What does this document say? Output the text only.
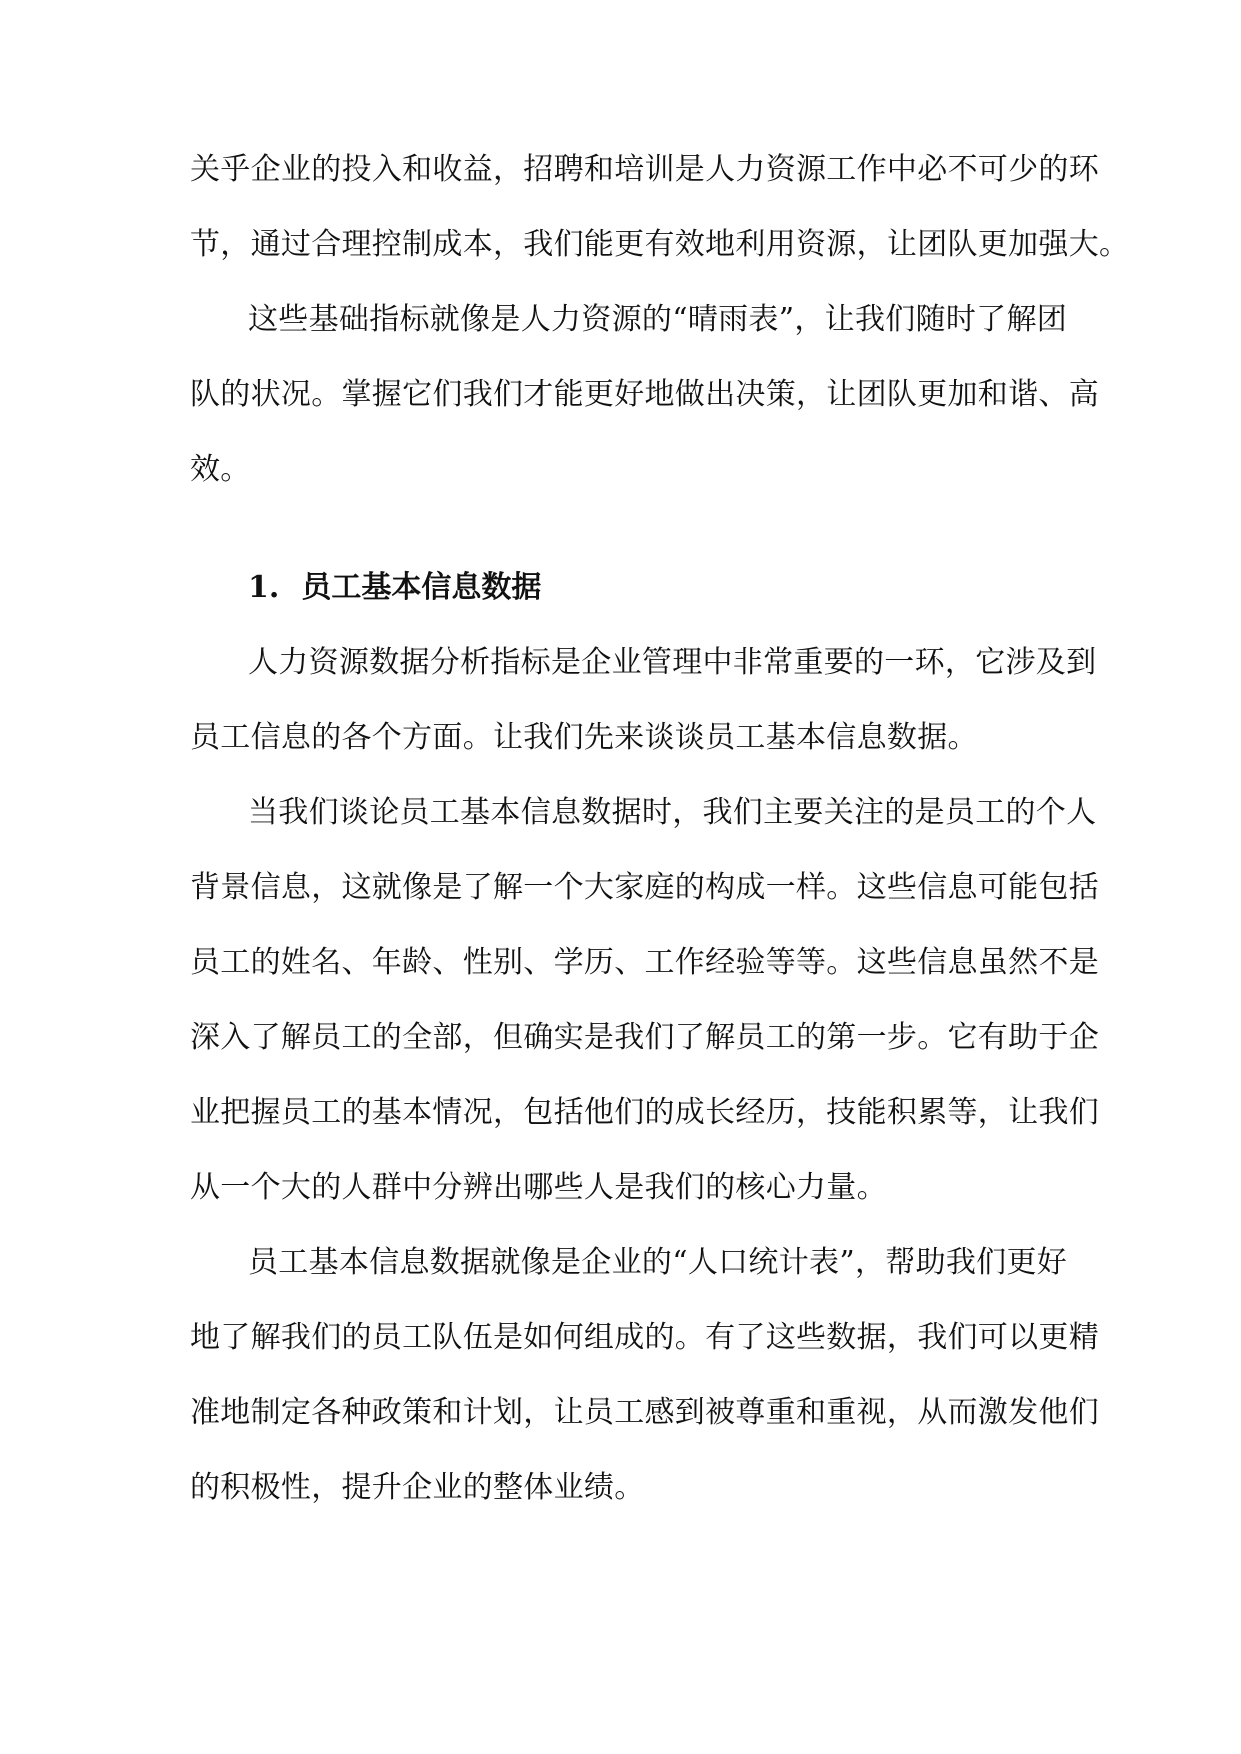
关乎企业的投入和收益，招聘和培训是人力资源工作中必不可少的环
节，通过合理控制成本，我们能更有效地利用资源，让团队更加强大。
这些基础指标就像是人力资源的“晴雨表”，让我们随时了解团
队的状况。掌握它们我们才能更好地做出决策，让团队更加和谐、高
效。
1. 员工基本信息数据
人力资源数据分析指标是企业管理中非常重要的一环，它涉及到
员工信息的各个方面。让我们先来谈谈员工基本信息数据。
当我们谈论员工基本信息数据时，我们主要关注的是员工的个人
背景信息，这就像是了解一个大家庭的构成一样。这些信息可能包括
员工的姓名、年龄、性别、学历、工作经验等等。这些信息虽然不是
深入了解员工的全部，但确实是我们了解员工的第一步。它有助于企
业把握员工的基本情况，包括他们的成长经历，技能积累等，让我们
从一个大的人群中分辨出哪些人是我们的核心力量。
员工基本信息数据就像是企业的“人口统计表”，帮助我们更好
地了解我们的员工队伍是如何组成的。有了这些数据，我们可以更精
准地制定各种政策和计划，让员工感到被尊重和重视，从而激发他们
的积极性，提升企业的整体业绩。
